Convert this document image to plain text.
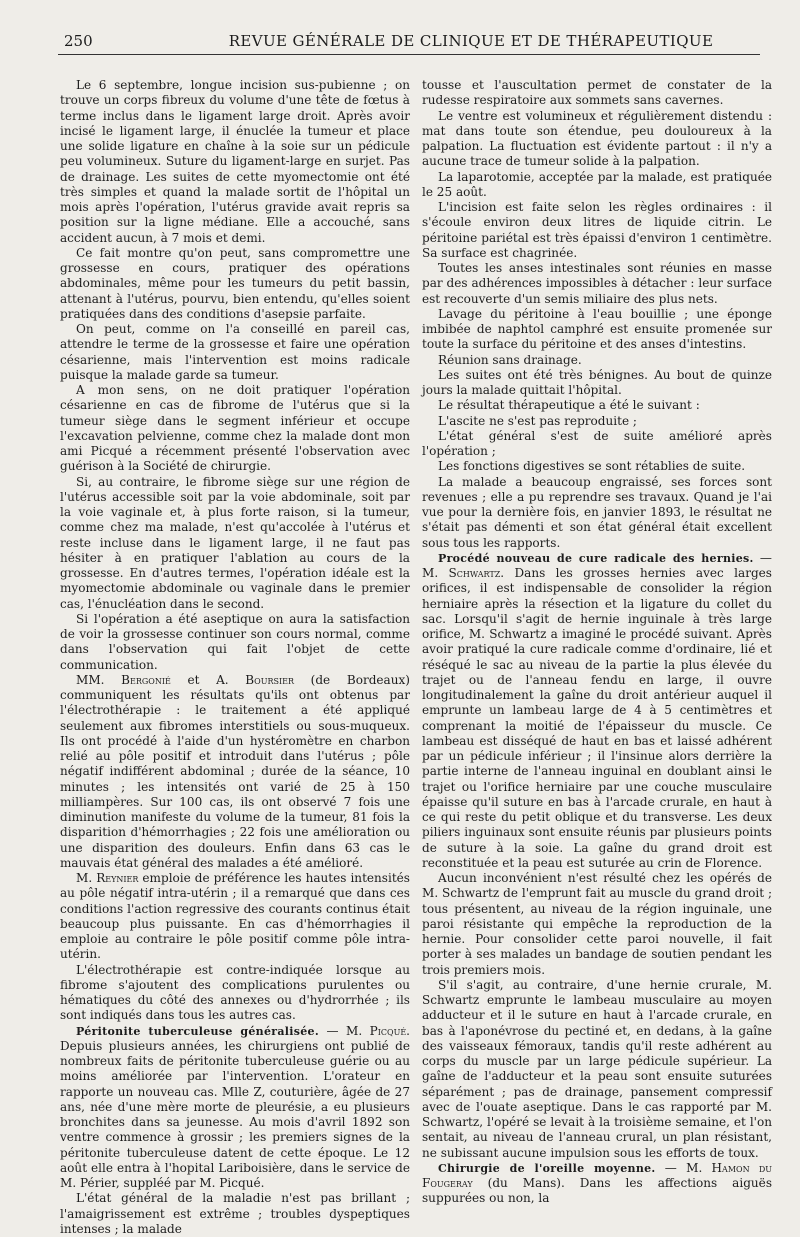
250	REVUE GÉNÉRALE DE CLINIQUE ET DE THÉRAPEUTIQUE

Le 6 septembre, longue incision sus-pubienne ; on trouve un corps fibreux du volume d'une tête de fœtus à terme inclus dans le ligament large droit. Après avoir incisé le ligament large, il énuclée la tumeur et place une solide ligature en chaîne à la soie sur un pédicule peu volumineux. Suture du ligament-large en surjet. Pas de drainage. Les suites de cette myomectomie ont été très simples et quand la malade sortit de l'hôpital un mois après l'opération, l'utérus gravide avait repris sa position sur la ligne médiane. Elle a accouché, sans accident aucun, à 7 mois et demi.

Ce fait montre qu'on peut, sans compromettre une grossesse en cours, pratiquer des opérations abdominales, même pour les tumeurs du petit bassin, attenant à l'utérus, pourvu, bien entendu, qu'elles soient pratiquées dans des conditions d'asepsie parfaite.

On peut, comme on l'a conseillé en pareil cas, attendre le terme de la grossesse et faire une opération césarienne, mais l'intervention est moins radicale puisque la malade garde sa tumeur.

A mon sens, on ne doit pratiquer l'opération césarienne en cas de fibrome de l'utérus que si la tumeur siège dans le segment inférieur et occupe l'excavation pelvienne, comme chez la malade dont mon ami Picqué a récemment présenté l'observation avec guérison à la Société de chirurgie.

Si, au contraire, le fibrome siège sur une région de l'utérus accessible soit par la voie abdominale, soit par la voie vaginale et, à plus forte raison, si la tumeur, comme chez ma malade, n'est qu'accolée à l'utérus et reste incluse dans le ligament large, il ne faut pas hésiter à en pratiquer l'ablation au cours de la grossesse. En d'autres termes, l'opération idéale est la myomectomie abdominale ou vaginale dans le premier cas, l'énucléation dans le second.

Si l'opération a été aseptique on aura la satisfaction de voir la grossesse continuer son cours normal, comme dans l'observation qui fait l'objet de cette communication.

MM. Bergonié et A. Boursier (de Bordeaux) communiquent les résultats qu'ils ont obtenus par l'électrothérapie : le traitement a été appliqué seulement aux fibromes interstitiels ou sous-muqueux. Ils ont procédé à l'aide d'un hystéromètre en charbon relié au pôle positif et introduit dans l'utérus ; pôle négatif indifférent abdominal ; durée de la séance, 10 minutes ; les intensités ont varié de 25 à 150 milliampères. Sur 100 cas, ils ont observé 7 fois une diminution manifeste du volume de la tumeur, 81 fois la disparition d'hémorrhagies ; 22 fois une amélioration ou une disparition des douleurs. Enfin dans 63 cas le mauvais état général des malades a été amélioré.

M. Reynier emploie de préférence les hautes intensités au pôle négatif intra-utérin ; il a remarqué que dans ces conditions l'action regressive des courants continus était beaucoup plus puissante. En cas d'hémorrhagies il emploie au contraire le pôle positif comme pôle intra-utérin.

L'électrothérapie est contre-indiquée lorsque au fibrome s'ajoutent des complications purulentes ou hématiques du côté des annexes ou d'hydrorrhée ; ils sont indiqués dans tous les autres cas.

Péritonite tuberculeuse généralisée. — M. Picqué. Depuis plusieurs années, les chirurgiens ont publié de nombreux faits de péritonite tuberculeuse guérie ou au moins améliorée par l'intervention. L'orateur en rapporte un nouveau cas. Mlle Z, couturière, âgée de 27 ans, née d'une mère morte de pleurésie, a eu plusieurs bronchites dans sa jeunesse. Au mois d'avril 1892 son ventre commence à grossir ; les premiers signes de la péritonite tuberculeuse datent de cette époque. Le 12 août elle entra à l'hopital Lariboisière, dans le service de M. Périer, suppléé par M. Picqué.

L'état général de la maladie n'est pas brillant ; l'amaigrissement est extrême ; troubles dyspeptiques intenses ; la malade

tousse et l'auscultation permet de constater de la rudesse respiratoire aux sommets sans cavernes.

Le ventre est volumineux et régulièrement distendu : mat dans toute son étendue, peu douloureux à la palpation. La fluctuation est évidente partout : il n'y a aucune trace de tumeur solide à la palpation.

La laparotomie, acceptée par la malade, est pratiquée le 25 août.

L'incision est faite selon les règles ordinaires : il s'écoule environ deux litres de liquide citrin. Le péritoine pariétal est très épaissi d'environ 1 centimètre. Sa surface est chagrinée.

Toutes les anses intestinales sont réunies en masse par des adhérences impossibles à détacher : leur surface est recouverte d'un semis miliaire des plus nets.

Lavage du péritoine à l'eau bouillie ; une éponge imbibée de naphtol camphré est ensuite promenée sur toute la surface du péritoine et des anses d'intestins.

Réunion sans drainage.

Les suites ont été très bénignes. Au bout de quinze jours la malade quittait l'hôpital.

Le résultat thérapeutique a été le suivant :

L'ascite ne s'est pas reproduite ;

L'état général s'est de suite amélioré après l'opération ;

Les fonctions digestives se sont rétablies de suite.

La malade a beaucoup engraissé, ses forces sont revenues ; elle a pu reprendre ses travaux. Quand je l'ai vue pour la dernière fois, en janvier 1893, le résultat ne s'était pas démenti et son état général était excellent sous tous les rapports.

Procédé nouveau de cure radicale des hernies. — M. Schwartz. Dans les grosses hernies avec larges orifices, il est indispensable de consolider la région herniaire après la résection et la ligature du collet du sac. Lorsqu'il s'agit de hernie inguinale à très large orifice, M. Schwartz a imaginé le procédé suivant. Après avoir pratiqué la cure radicale comme d'ordinaire, lié et réséqué le sac au niveau de la partie la plus élevée du trajet ou de l'anneau fendu en large, il ouvre longitudinalement la gaîne du droit antérieur auquel il emprunte un lambeau large de 4 à 5 centimètres et comprenant la moitié de l'épaisseur du muscle. Ce lambeau est disséqué de haut en bas et laissé adhérent par un pédicule inférieur ; il l'insinue alors derrière la partie interne de l'anneau inguinal en doublant ainsi le trajet ou l'orifice herniaire par une couche musculaire épaisse qu'il suture en bas à l'arcade crurale, en haut à ce qui reste du petit oblique et du transverse. Les deux piliers inguinaux sont ensuite réunis par plusieurs points de suture à la soie. La gaîne du grand droit est reconstituée et la peau est suturée au crin de Florence.

Aucun inconvénient n'est résulté chez les opérés de M. Schwartz de l'emprunt fait au muscle du grand droit ; tous présentent, au niveau de la région inguinale, une paroi résistante qui empêche la reproduction de la hernie. Pour consolider cette paroi nouvelle, il fait porter à ses malades un bandage de soutien pendant les trois premiers mois.

S'il s'agit, au contraire, d'une hernie crurale, M. Schwartz emprunte le lambeau musculaire au moyen adducteur et il le suture en haut à l'arcade crurale, en bas à l'aponévrose du pectiné et, en dedans, à la gaîne des vaisseaux fémoraux, tandis qu'il reste adhérent au corps du muscle par un large pédicule supérieur. La gaîne de l'adducteur et la peau sont ensuite suturées séparément ; pas de drainage, pansement compressif avec de l'ouate aseptique. Dans le cas rapporté par M. Schwartz, l'opéré se levait à la troisième semaine, et l'on sentait, au niveau de l'anneau crural, un plan résistant, ne subissant aucune impulsion sous les efforts de toux.

Chirurgie de l'oreille moyenne. — M. Hamon du Fougeray (du Mans). Dans les affections aiguës suppurées ou non, la
